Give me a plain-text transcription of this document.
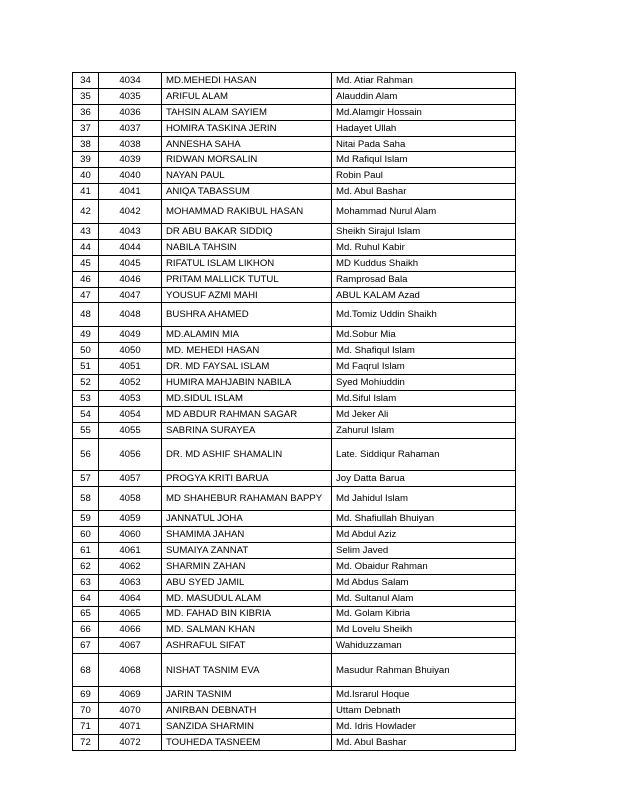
34	4034	MD.MEHEDI HASAN	Md. Atiar Rahman
35	4035	ARIFUL ALAM	Alauddin Alam
36	4036	TAHSIN ALAM SAYIEM	Md.Alamgir Hossain
37	4037	HOMIRA TASKINA JERIN	Hadayet Ullah
38	4038	ANNESHA SAHA	Nitai Pada Saha
39	4039	RIDWAN MORSALIN	Md Rafiqul Islam
40	4040	NAYAN PAUL	Robin Paul
41	4041	ANIQA TABASSUM	Md. Abul Bashar
42	4042	MOHAMMAD RAKIBUL HASAN	Mohammad Nurul Alam
43	4043	DR ABU BAKAR SIDDIQ	Sheikh Sirajul Islam
44	4044	NABILA TAHSIN	Md. Ruhul Kabir
45	4045	RIFATUL ISLAM LIKHON	MD Kuddus Shaikh
46	4046	PRITAM MALLICK TUTUL	Ramprosad Bala
47	4047	YOUSUF AZMI MAHI	ABUL KALAM Azad
48	4048	BUSHRA AHAMED	Md.Tomiz Uddin Shaikh
49	4049	MD.ALAMIN MIA	Md.Sobur Mia
50	4050	MD. MEHEDI HASAN	Md. Shafiqul Islam
51	4051	DR. MD FAYSAL ISLAM	Md Faqrul Islam
52	4052	HUMIRA MAHJABIN NABILA	Syed Mohiuddin
53	4053	MD.SIDUL ISLAM	Md.Siful Islam
54	4054	MD ABDUR RAHMAN SAGAR	Md Jeker Ali
55	4055	SABRINA SURAYEA	Zahurul Islam
56	4056	DR. MD ASHIF SHAMALIN	Late. Siddiqur Rahaman
57	4057	PROGYA KRITI BARUA	Joy Datta Barua
58	4058	MD SHAHEBUR RAHAMAN BAPPY	Md Jahidul Islam
59	4059	JANNATUL JOHA	Md. Shafiullah Bhuiyan
60	4060	SHAMIMA JAHAN	Md Abdul Aziz
61	4061	SUMAIYA ZANNAT	Selim Javed
62	4062	SHARMIN ZAHAN	Md. Obaidur Rahman
63	4063	ABU SYED JAMIL	Md Abdus Salam
64	4064	MD. MASUDUL ALAM	Md. Sultanul Alam
65	4065	MD. FAHAD BIN KIBRIA	Md. Golam Kibria
66	4066	MD. SALMAN KHAN	Md Lovelu Sheikh
67	4067	ASHRAFUL SIFAT	Wahiduzzaman
68	4068	NISHAT TASNIM EVA	Masudur Rahman Bhuiyan
69	4069	JARIN TASNIM	Md.Israrul Hoque
70	4070	ANIRBAN DEBNATH	Uttam Debnath
71	4071	SANZIDA SHARMIN	Md. Idris Howlader
72	4072	TOUHEDA TASNEEM	Md. Abul Bashar
